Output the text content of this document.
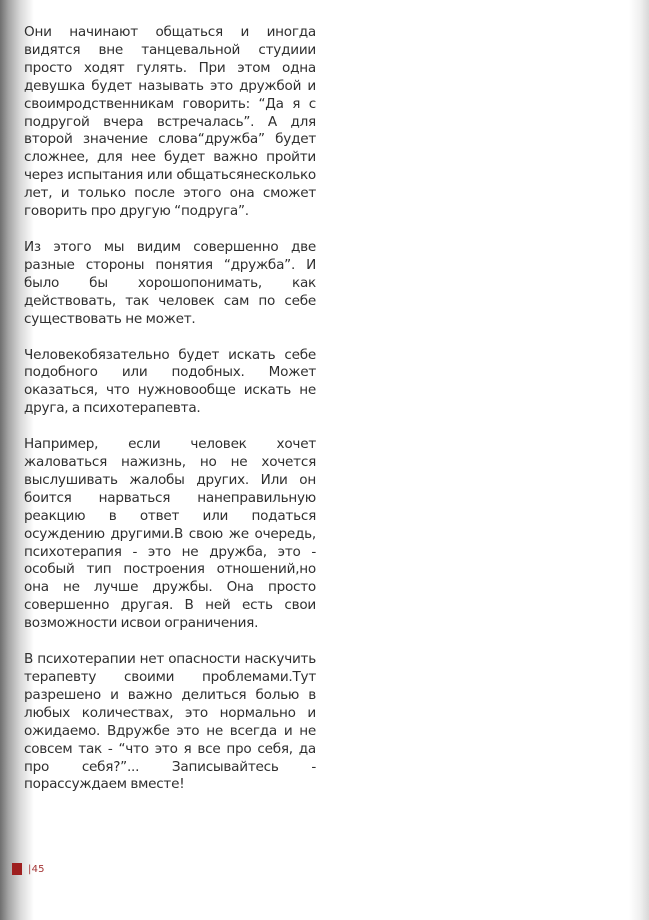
Они начинают общаться и иногда видятся вне танцевальной студиии просто ходят гулять. При этом одна девушка будет называть это дружбой и своимродственникам говорить: “Да я с подругой вчера встречалась”. А для второй значение слова“дружба” будет сложнее, для нее будет важно пройти через испытания или общатьсянесколько лет, и только после этого она сможет говорить про другую “подруга”.

Из этого мы видим совершенно две разные стороны понятия “дружба”. И было бы хорошопонимать, как действовать, так человек сам по себе существовать не может.

Человекобязательно будет искать себе подобного или подобных. Может оказаться, что нужновообще искать не друга, а психотерапевта.

Например, если человек хочет жаловаться нажизнь, но не хочется выслушивать жалобы других. Или он боится нарваться нанеправильную реакцию в ответ или податься осуждению другими.В свою же очередь, психотерапия - это не дружба, это - особый тип построения отношений,но она не лучше дружбы. Она просто совершенно другая. В ней есть свои возможности исвои ограничения.

В психотерапии нет опасности наскучить терапевту своими проблемами.Тут разрешено и важно делиться болью в любых количествах, это нормально и ожидаемо. Вдружбе это не всегда и не совсем так - “что это я все про себя, да про себя?”... Записывайтесь - порассуждаем вместе!

|45
